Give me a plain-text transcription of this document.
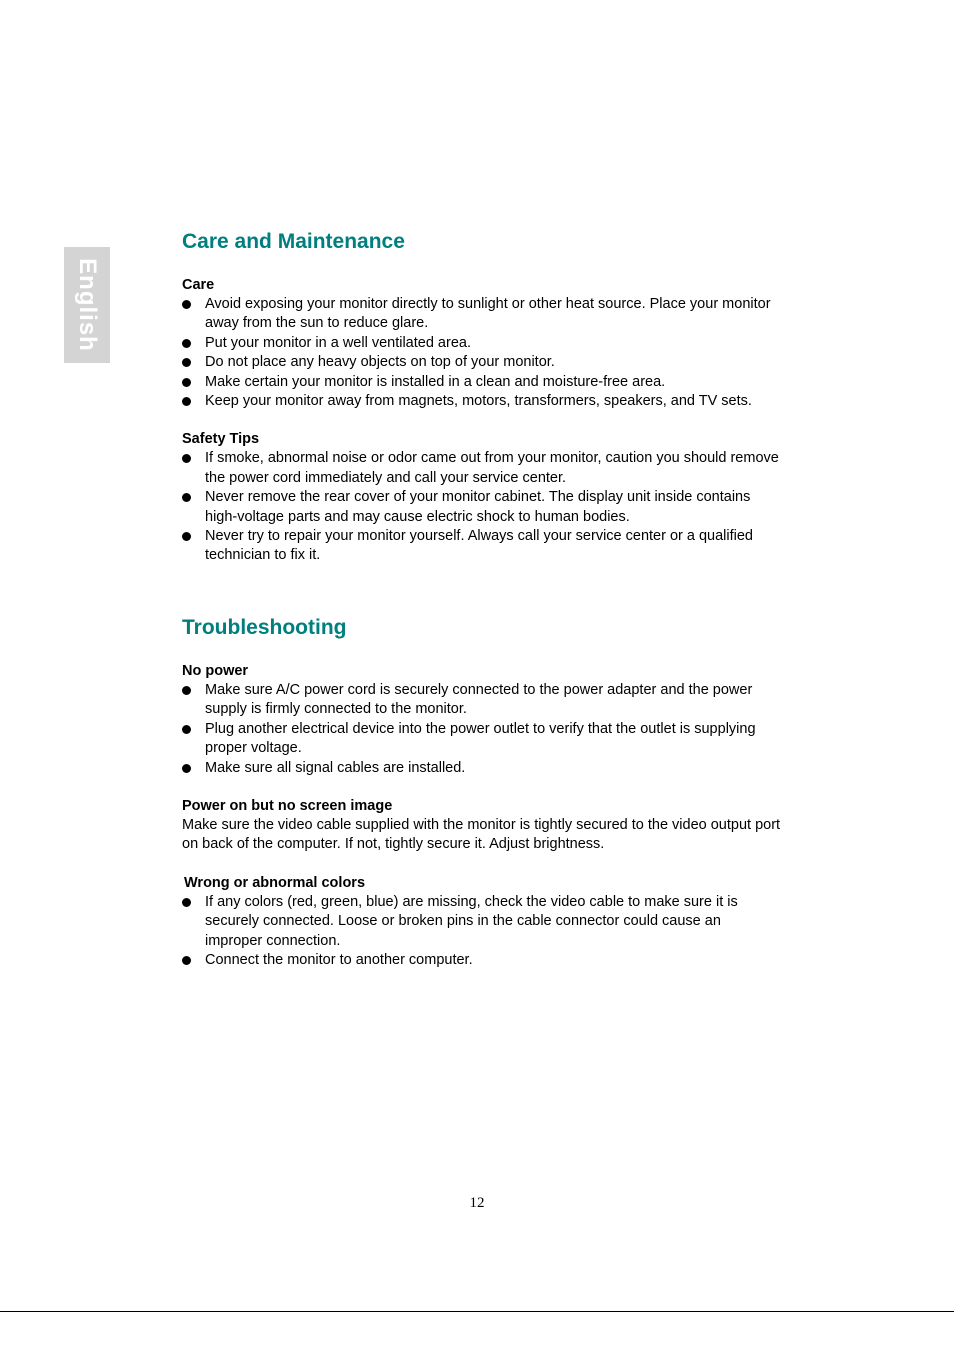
English
Care and Maintenance

Care

Avoid exposing your monitor directly to sunlight or other heat source. Place your monitor away from the sun to reduce glare.
Put your monitor in a well ventilated area.
Do not place any heavy objects on top of your monitor.
Make certain your monitor is installed in a clean and moisture-free area.
Keep your monitor away from magnets, motors, transformers, speakers, and TV sets.

Safety Tips

If smoke, abnormal noise or odor came out from your monitor, caution you should remove the power cord immediately and call your service center.
Never remove the rear cover of your monitor cabinet. The display unit inside contains high-voltage parts and may cause electric shock to human bodies.
Never try to repair your monitor yourself. Always call your service center or a qualified technician to fix it.
Troubleshooting

No power

Make sure A/C power cord is securely connected to the power adapter and the power supply is firmly connected to the monitor.
Plug another electrical device into the power outlet to verify that the outlet is supplying proper voltage.
Make sure all signal cables are installed.

Power on but no screen image

Make sure the video cable supplied with the monitor is tightly secured to the video output port on back of the computer. If not, tightly secure it. Adjust brightness.

Wrong or abnormal colors

If any colors (red, green, blue) are missing, check the video cable to make sure it is securely connected. Loose or broken pins in the cable connector could cause an improper connection.
Connect the monitor to another computer.
12
